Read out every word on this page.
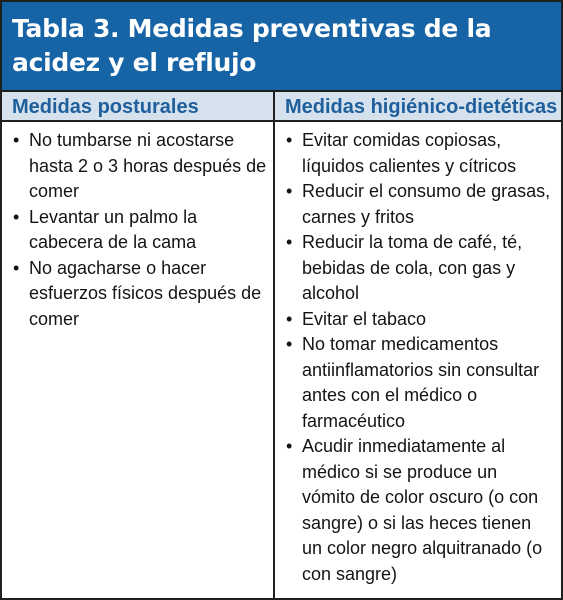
Tabla 3. Medidas preventivas de la acidez y el reflujo
Medidas posturales	Medidas higiénico-dietéticas
• No tumbarse ni acostarse hasta 2 o 3 horas después de comer
• Levantar un palmo la cabecera de la cama
• No agacharse o hacer esfuerzos físicos después de comer
• Evitar comidas copiosas, líquidos calientes y cítricos
• Reducir el consumo de grasas, carnes y fritos
• Reducir la toma de café, té, bebidas de cola, con gas y alcohol
• Evitar el tabaco
• No tomar medicamentos antiinflamatorios sin consultar antes con el médico o farmacéutico
• Acudir inmediatamente al médico si se produce un vómito de color oscuro (o con sangre) o si las heces tienen un color negro alquitranado (o con sangre)
